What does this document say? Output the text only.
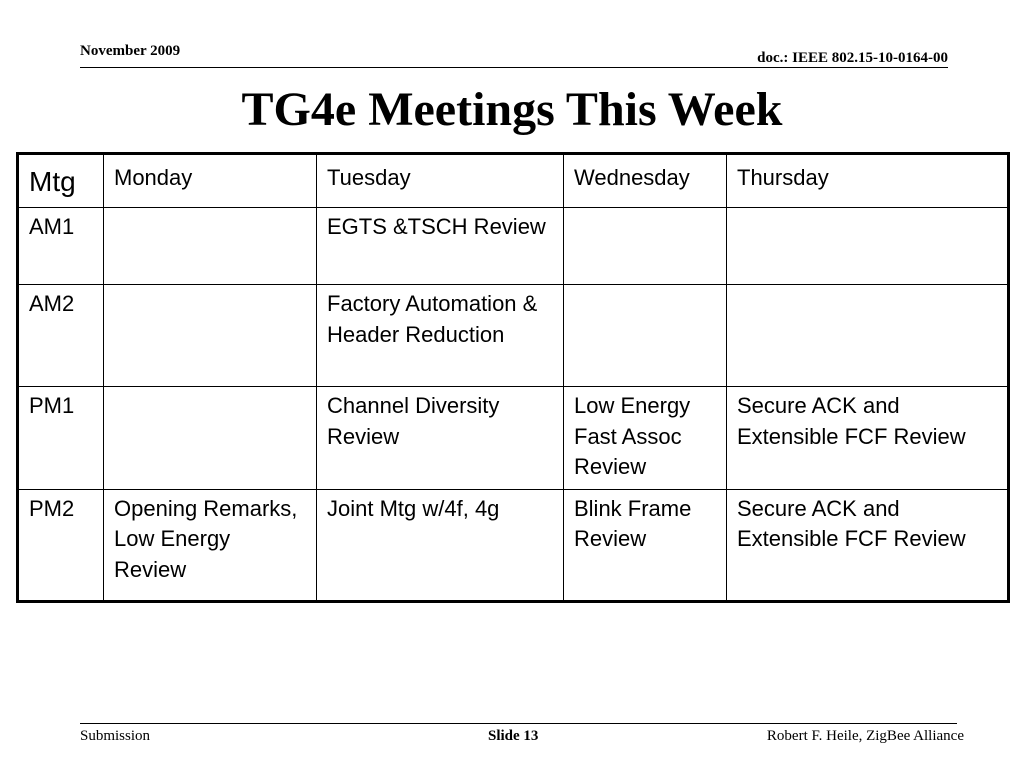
November 2009	doc.: IEEE 802.15-10-0164-00
TG4e Meetings This Week
Mtg	Monday	Tuesday	Wednesday	Thursday
AM1		EGTS &TSCH Review		
AM2		Factory Automation & Header Reduction		
PM1		Channel Diversity Review	Low Energy Fast Assoc Review	Secure ACK and Extensible FCF Review
PM2	Opening Remarks, Low Energy Review	Joint Mtg w/4f, 4g	Blink Frame Review	Secure ACK and Extensible FCF Review
Submission	Slide 13	Robert F. Heile, ZigBee Alliance
